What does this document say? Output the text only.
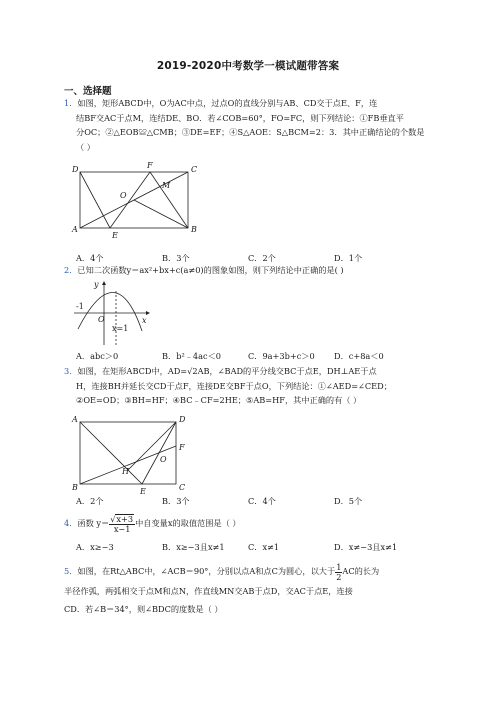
2019-2020中考数学一模试题带答案
一、选择题
1．如图，矩形ABCD中，O为AC中点，过点O的直线分别与AB、CD交于点E、F，连
结BF交AC于点M，连结DE、BO．若∠COB=60°，FO=FC，则下列结论：①FB垂直平
分OC；②△EOB≌△CMB；③DE=EF；④S△AOE：S△BCM=2：3．其中正确结论的个数是
（ ）
D	F	C
O
M
A
E
B
A．4个	B．3个	C．2个	D．1个
2．已知二次函数y＝ax²+bx+c(a≠0)的图象如图，则下列结论中正确的是( )
y
-1
O	x
x=1
A．abc＞0	B．b²﹣4ac＜0	C．9a+3b+c＞0 D．c+8a＜0
3．如图，在矩形ABCD中，AD=√2AB，∠BAD的平分线交BC于点E，DH⊥AE于点
H，连接BH并延长交CD于点F，连接DE交BF于点O，下列结论：①∠AED=∠CED；
②OE=OD；③BH=HF；④BC﹣CF=2HE；⑤AB=HF，其中正确的有（ ）
A	D
F
O
H
B	E	C
A．2个	B．3个	C．4个	D．5个
4．函数 $y= \frac{√x+3}{x-1}$ 中自变量x的取值范围是（ ）
A．x≥−3	B．x≥−3且x≠1	C．x≠1	D．x≠−3且x≠1
5．如图，在Rt△ABC中，∠ACB＝90°，分别以点A和点C为圆心，以大于 $\frac{1}{2}$ AC的长为
半径作弧，两弧相交于点M和点N，作直线MN交AB于点D，交AC于点E，连接
CD．若∠B＝34°，则∠BDC的度数是（ ）
